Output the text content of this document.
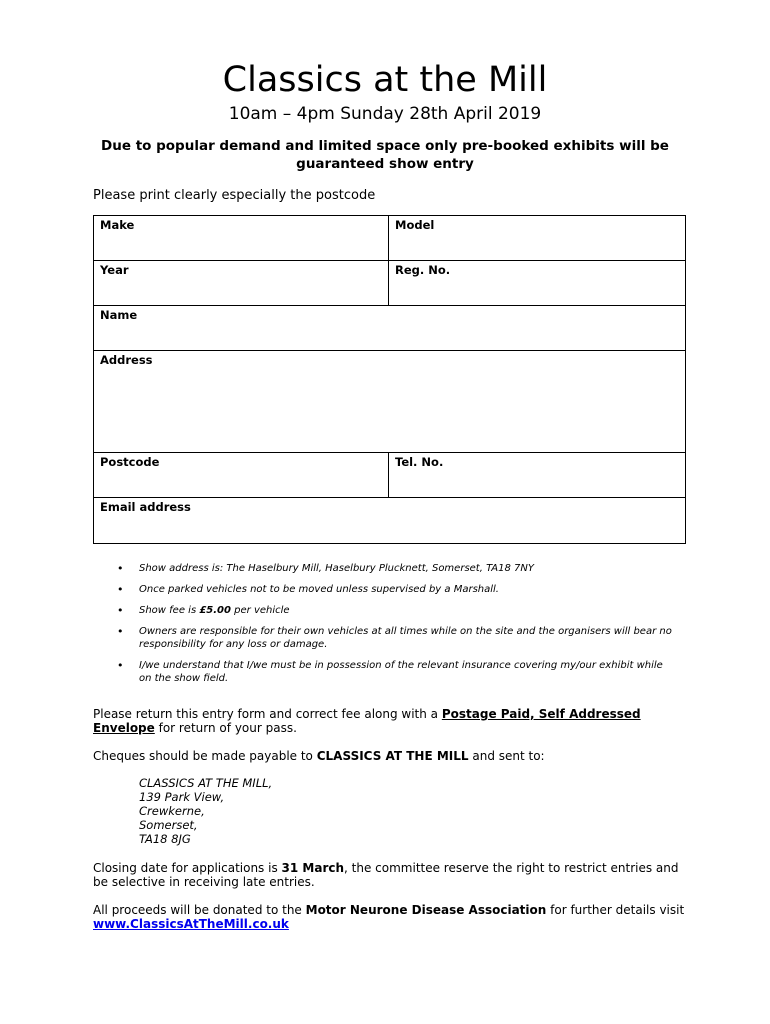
Classics at the Mill
10am – 4pm Sunday 28th April 2019
Due to popular demand and limited space only pre-booked exhibits will be guaranteed show entry
Please print clearly especially the postcode
Make	Model
Year	Reg. No.
Name	
Address	
Postcode	Tel. No.
Email address	
• Show address is: The Haselbury Mill, Haselbury Plucknett, Somerset, TA18 7NY
• Once parked vehicles not to be moved unless supervised by a Marshall.
• Show fee is £5.00 per vehicle
• Owners are responsible for their own vehicles at all times while on the site and the organisers will bear no responsibility for any loss or damage.
• I/we understand that I/we must be in possession of the relevant insurance covering my/our exhibit while on the show field.
Please return this entry form and correct fee along with a Postage Paid, Self Addressed Envelope for return of your pass.
Cheques should be made payable to CLASSICS AT THE MILL and sent to:
CLASSICS AT THE MILL,
139 Park View,
Crewkerne,
Somerset,
TA18 8JG
Closing date for applications is 31 March, the committee reserve the right to restrict entries and be selective in receiving late entries.
All proceeds will be donated to the Motor Neurone Disease Association for further details visit
www.ClassicsAtTheMill.co.uk
